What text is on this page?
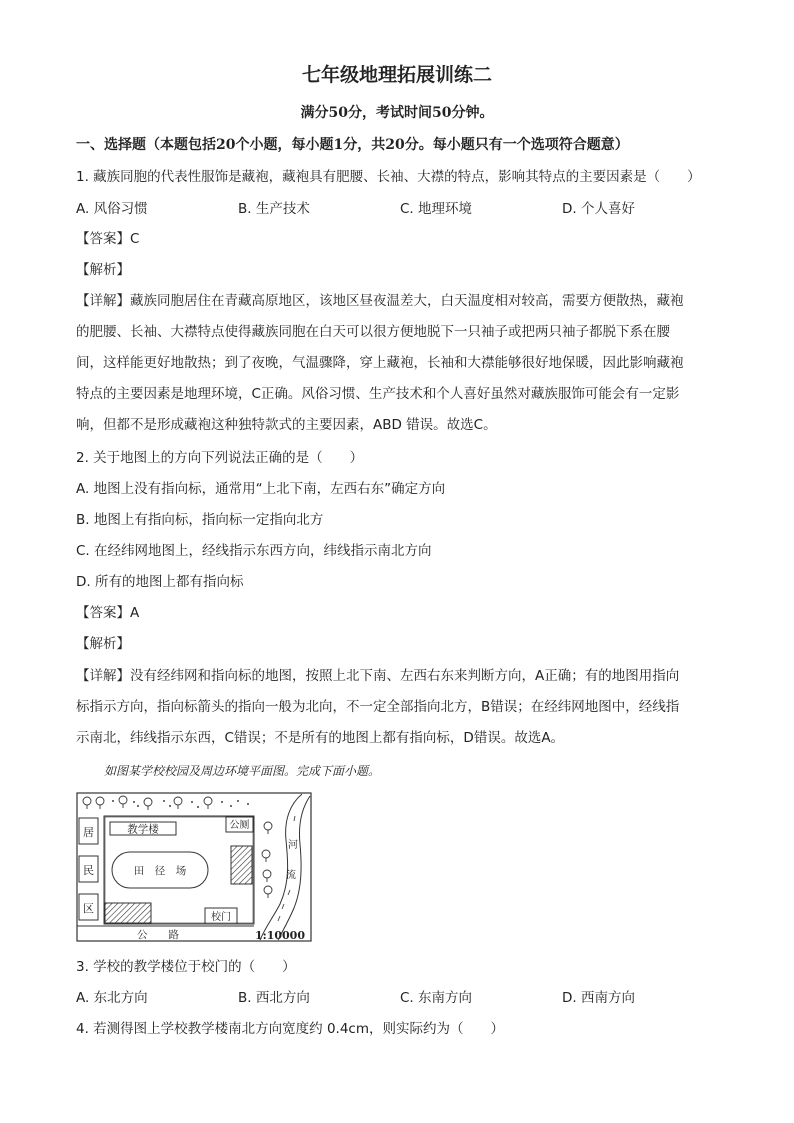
七年级地理拓展训练二
满分50分，考试时间50分钟。
一、选择题（本题包括20个小题，每小题1分，共20分。每小题只有一个选项符合题意）
1. 藏族同胞的代表性服饰是藏袍，藏袍具有肥腰、长袖、大襟的特点，影响其特点的主要因素是（　　）
A. 风俗习惯	B. 生产技术	C. 地理环境	D. 个人喜好
【答案】C
【解析】
【详解】藏族同胞居住在青藏高原地区，该地区昼夜温差大，白天温度相对较高，需要方便散热，藏袍
的肥腰、长袖、大襟特点使得藏族同胞在白天可以很方便地脱下一只袖子或把两只袖子都脱下系在腰
间，这样能更好地散热；到了夜晚，气温骤降，穿上藏袍，长袖和大襟能够很好地保暖，因此影响藏袍
特点的主要因素是地理环境，C正确。风俗习惯、生产技术和个人喜好虽然对藏族服饰可能会有一定影
响，但都不是形成藏袍这种独特款式的主要因素，ABD 错误。故选C。
2. 关于地图上的方向下列说法正确的是（　　）
A. 地图上没有指向标，通常用“上北下南，左西右东”确定方向
B. 地图上有指向标，指向标一定指向北方
C. 在经纬网地图上，经线指示东西方向，纬线指示南北方向
D. 所有的地图上都有指向标
【答案】A
【解析】
【详解】没有经纬网和指向标的地图，按照上北下南、左西右东来判断方向，A正确；有的地图用指向
标指示方向，指向标箭头的指向一般为北向，不一定全部指向北方，B错误；在经纬网地图中，经线指
示南北，纬线指示东西，C错误；不是所有的地图上都有指向标，D错误。故选A。
如图某学校校园及周边环境平面图。完成下面小题。
居
民
区
教学楼	公厕
田　径　场
校门
河
流
公　　路	1:10000
3. 学校的教学楼位于校门的（　　）
A. 东北方向	B. 西北方向	C. 东南方向	D. 西南方向
4. 若测得图上学校教学楼南北方向宽度约 0.4cm，则实际约为（　　）
